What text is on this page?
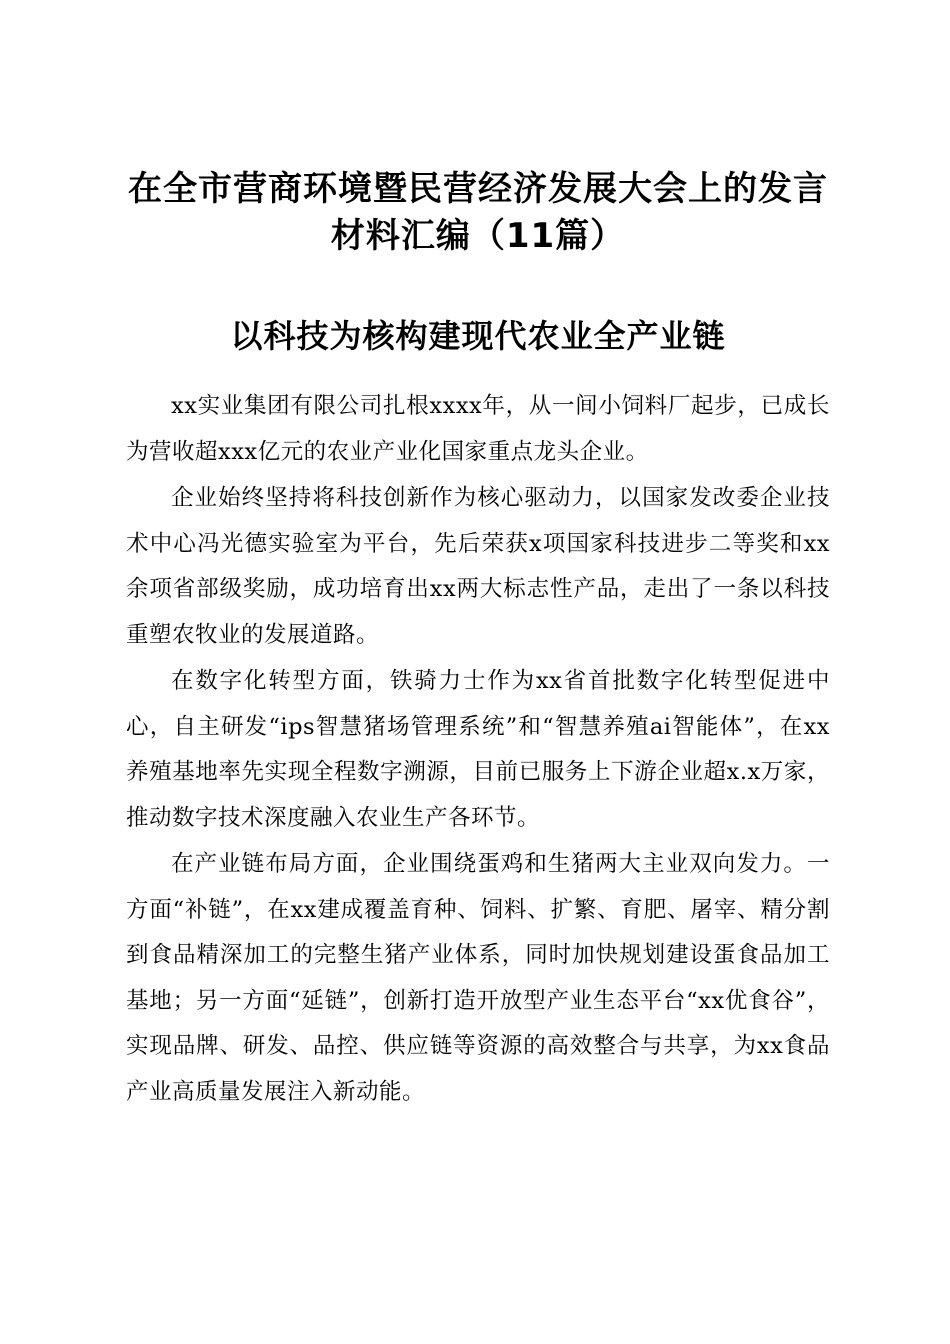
在全市营商环境暨民营经济发展大会上的发言
材料汇编（11篇）
以科技为核构建现代农业全产业链

xx实业集团有限公司扎根xxxx年，从一间小饲料厂起步，已成长为营收超xxx亿元的农业产业化国家重点龙头企业。

企业始终坚持将科技创新作为核心驱动力，以国家发改委企业技术中心冯光德实验室为平台，先后荣获x项国家科技进步二等奖和xx余项省部级奖励，成功培育出xx两大标志性产品，走出了一条以科技重塑农牧业的发展道路。

在数字化转型方面，铁骑力士作为xx省首批数字化转型促进中心，自主研发“ips智慧猪场管理系统”和“智慧养殖ai智能体”，在xx养殖基地率先实现全程数字溯源，目前已服务上下游企业超x.x万家，推动数字技术深度融入农业生产各环节。

在产业链布局方面，企业围绕蛋鸡和生猪两大主业双向发力。一方面“补链”，在xx建成覆盖育种、饲料、扩繁、育肥、屠宰、精分割到食品精深加工的完整生猪产业体系，同时加快规划建设蛋食品加工基地；另一方面“延链”，创新打造开放型产业生态平台“xx优食谷”，实现品牌、研发、品控、供应链等资源的高效整合与共享，为xx食品产业高质量发展注入新动能。
